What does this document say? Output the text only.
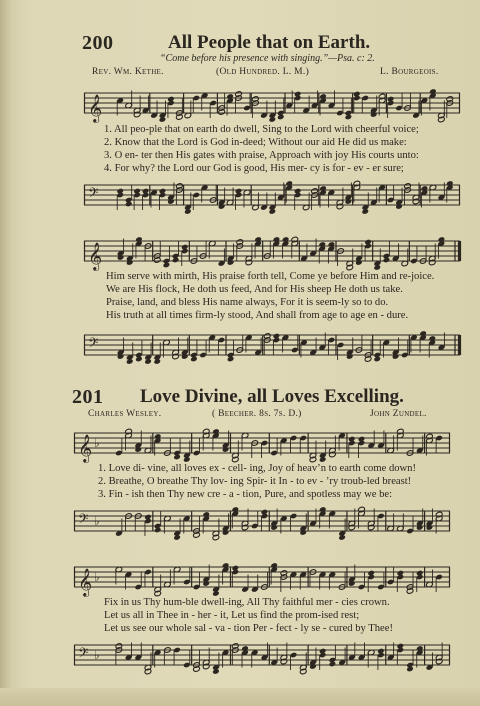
200	All People that on Earth.
“Come before his presence with singing.”—Psa. c: 2.
Rev. Wm. Kethe.	(Old Hundred. L. M.)	L. Bourgeois.
𝄞
1. All peo-ple that on earth do dwell, Sing to the Lord with cheerful voice;
2. Know that the Lord is God in-deed; Without our aid He did us make:
3. O en- ter then His gates with praise, Approach with joy His courts unto:
4. For why? the Lord our God is good, His mer- cy is for - ev - er sure;
𝄢
𝄞
Him serve with mirth, His praise forth tell, Come ye before Him and re-joice.
We are His flock, He doth us feed, And for His sheep He doth us take.
Praise, land, and bless His name always, For it is seem-ly so to do.
His truth at all times firm-ly stood, And shall from age to age en - dure.
𝄢
201 Love Divine, all Loves Excelling.
Charles Wesley.	( Beecher. 8s. 7s. D.)	John Zundel.
𝄞 ♭
1. Love di- vine, all loves ex - cell- ing, Joy of heav’n to earth come down!
2. Breathe, O breathe Thy lov- ing Spir- it In - to ev - ’ry troub-led breast!
3. Fin - ish then Thy new cre - a - tion, Pure, and spotless may we be:
𝄢 ♭
𝄞 ♭
Fix in us Thy hum-ble dwell-ing, All Thy faithful mer - cies crown.
Let us all in Thee in - her - it, Let us find the prom-ised rest;
Let us see our whole sal - va - tion Per - fect - ly se - cured by Thee!
𝄢 ♭
